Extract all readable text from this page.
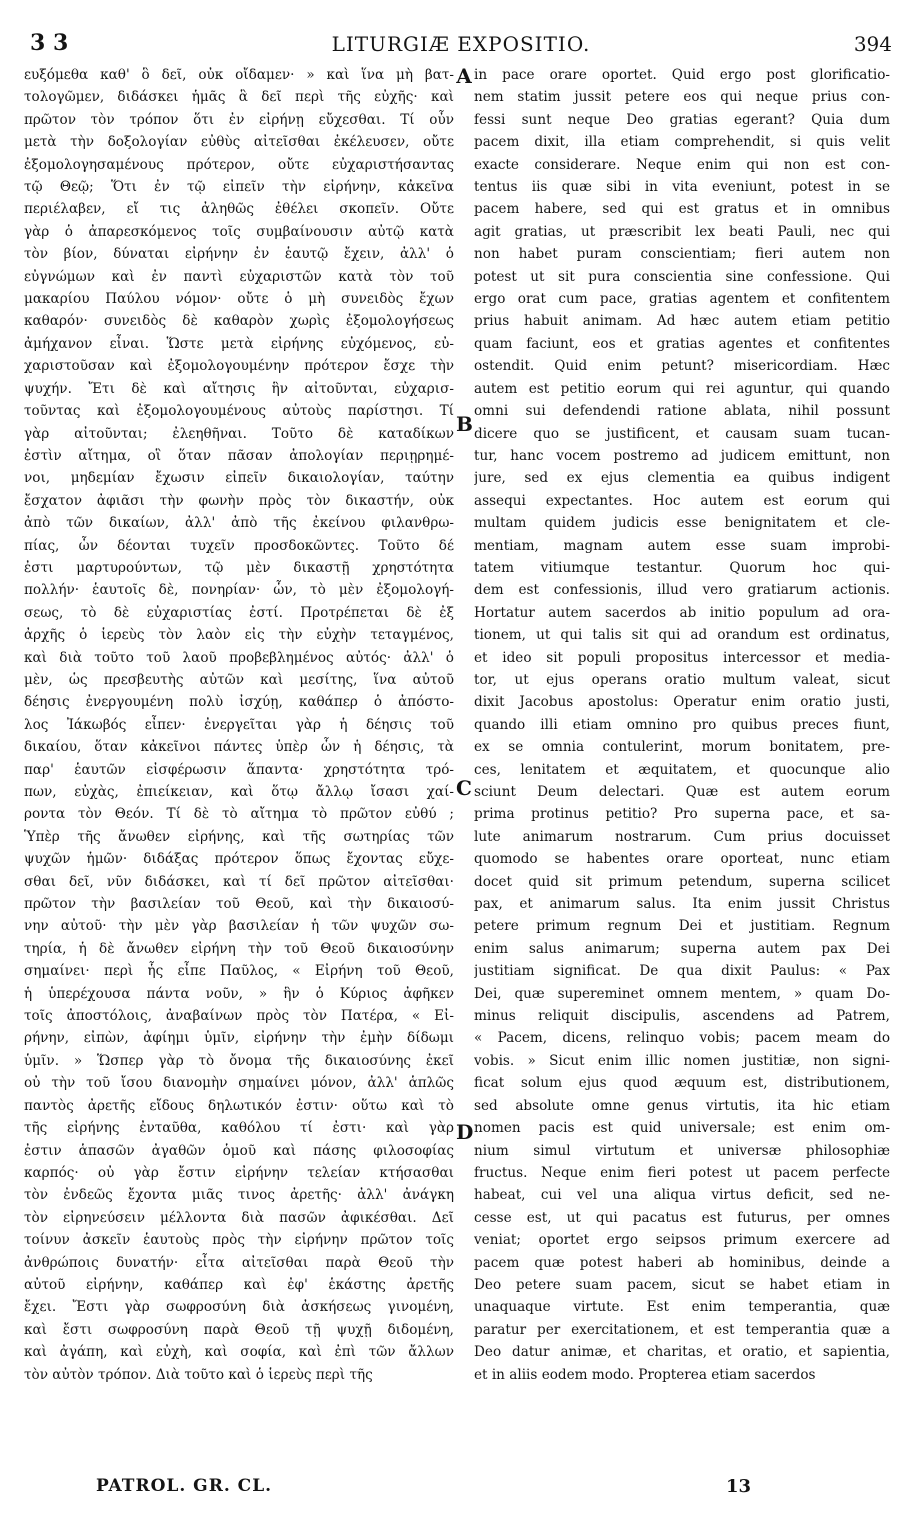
3 3	LITURGIÆ EXPOSITIO.	394
ευξόμεθα καθ' ὃ δεῖ, οὐκ οἴδαμεν· » καὶ ἵνα μὴ βατ-
τολογῶμεν, διδάσκει ἡμᾶς ἃ δεῖ περὶ τῆς εὐχῆς· καὶ
πρῶτον τὸν τρόπον ὅτι ἐν εἰρήνῃ εὔχεσθαι. Τί οὖν
μετὰ τὴν δοξολογίαν εὐθὺς αἰτεῖσθαι ἐκέλευσεν, οὔτε
ἐξομολογησαμένους πρότερον, οὔτε εὐχαριστήσαντας
τῷ Θεῷ; Ὅτι ἐν τῷ εἰπεῖν τὴν εἰρήνην, κἀκεῖνα
περιέλαβεν, εἴ τις ἀληθῶς ἐθέλει σκοπεῖν. Οὔτε
γὰρ ὁ ἀπαρεσκόμενος τοῖς συμβαίνουσιν αὐτῷ κατὰ
τὸν βίον, δύναται εἰρήνην ἐν ἑαυτῷ ἔχειν, ἀλλ' ὁ
εὐγνώμων καὶ ἐν παντὶ εὐχαριστῶν κατὰ τὸν τοῦ
μακαρίου Παύλου νόμον· οὔτε ὁ μὴ συνειδὸς ἔχων
καθαρόν· συνειδὸς δὲ καθαρὸν χωρὶς ἐξομολογήσεως
ἀμήχανον εἶναι. Ὥστε μετὰ εἰρήνης εὐχόμενος, εὐ-
χαριστοῦσαν καὶ ἐξομολογουμένην πρότερον ἔσχε τὴν
ψυχήν. Ἔτι δὲ καὶ αἴτησις ἣν αἰτοῦνται, εὐχαρισ-
τοῦντας καὶ ἐξομολογουμένους αὐτοὺς παρίστησι. Τί
γὰρ αἰτοῦνται; ἐλεηθῆναι. Τοῦτο δὲ καταδίκων
ἐστὶν αἴτημα, οἳ ὅταν πᾶσαν ἀπολογίαν περιῃρημέ-
νοι, μηδεμίαν ἔχωσιν εἰπεῖν δικαιολογίαν, ταύτην
ἔσχατον ἀφιᾶσι τὴν φωνὴν πρὸς τὸν δικαστήν, οὐκ
ἀπὸ τῶν δικαίων, ἀλλ' ἀπὸ τῆς ἐκείνου φιλανθρω-
πίας, ὧν δέονται τυχεῖν προσδοκῶντες. Τοῦτο δέ
ἐστι μαρτυρούντων, τῷ μὲν δικαστῇ χρηστότητα
πολλήν· ἑαυτοῖς δὲ, πονηρίαν· ὧν, τὸ μὲν ἐξομολογή-
σεως, τὸ δὲ εὐχαριστίας ἐστί. Προτρέπεται δὲ ἐξ
ἀρχῆς ὁ ἱερεὺς τὸν λαὸν εἰς τὴν εὐχὴν τεταγμένος,
καὶ διὰ τοῦτο τοῦ λαοῦ προβεβλημένος αὐτός· ἀλλ' ὁ
μὲν, ὡς πρεσβευτὴς αὐτῶν καὶ μεσίτης, ἵνα αὐτοῦ
δέησις ἐνεργουμένη πολὺ ἰσχύῃ, καθάπερ ὁ ἀπόστο-
λος Ἰάκωβός εἶπεν· ἐνεργεῖται γὰρ ἡ δέησις τοῦ
δικαίου, ὅταν κἀκεῖνοι πάντες ὑπὲρ ὧν ἡ δέησις, τὰ
παρ' ἑαυτῶν εἰσφέρωσιν ἅπαντα· χρηστότητα τρό-
πων, εὐχὰς, ἐπιείκειαν, καὶ ὅτῳ ἄλλῳ ἴσασι χαί-
ροντα τὸν Θεόν. Τί δὲ τὸ αἴτημα τὸ πρῶτον εὐθύ ;
Ὑπὲρ τῆς ἄνωθεν εἰρήνης, καὶ τῆς σωτηρίας τῶν
ψυχῶν ἡμῶν· διδάξας πρότερον ὅπως ἔχοντας εὔχε-
σθαι δεῖ, νῦν διδάσκει, καὶ τί δεῖ πρῶτον αἰτεῖσθαι·
πρῶτον τὴν βασιλείαν τοῦ Θεοῦ, καὶ τὴν δικαιοσύ-
νην αὐτοῦ· τὴν μὲν γὰρ βασιλείαν ἡ τῶν ψυχῶν σω-
τηρία, ἡ δὲ ἄνωθεν εἰρήνη τὴν τοῦ Θεοῦ δικαιοσύνην
σημαίνει· περὶ ἧς εἶπε Παῦλος, « Εἰρήνη τοῦ Θεοῦ,
ἡ ὑπερέχουσα πάντα νοῦν, » ἣν ὁ Κύριος ἀφῆκεν
τοῖς ἀποστόλοις, ἀναβαίνων πρὸς τὸν Πατέρα, « Εἰ-
ρήνην, εἰπὼν, ἀφίημι ὑμῖν, εἰρήνην τὴν ἐμὴν δίδωμι
ὑμῖν. » Ὥσπερ γὰρ τὸ ὄνομα τῆς δικαιοσύνης ἐκεῖ
οὐ τὴν τοῦ ἴσου διανομὴν σημαίνει μόνον, ἀλλ' ἁπλῶς
παντὸς ἀρετῆς εἴδους δηλωτικόν ἐστιν· οὕτω καὶ τὸ
τῆς εἰρήνης ἐνταῦθα, καθόλου τί ἐστι· καὶ γὰρ
ἐστιν ἁπασῶν ἀγαθῶν ὁμοῦ καὶ πάσης φιλοσοφίας
καρπός· οὐ γὰρ ἔστιν εἰρήνην τελείαν κτήσασθαι
τὸν ἐνδεῶς ἔχοντα μιᾶς τινος ἀρετῆς· ἀλλ' ἀνάγκη
τὸν εἰρηνεύσειν μέλλοντα διὰ πασῶν ἀφικέσθαι. Δεῖ
τοίνυν ἀσκεῖν ἑαυτοὺς πρὸς τὴν εἰρήνην πρῶτον τοῖς
ἀνθρώποις δυνατήν· εἶτα αἰτεῖσθαι παρὰ Θεοῦ τὴν
αὐτοῦ εἰρήνην, καθάπερ καὶ ἐφ' ἑκάστης ἀρετῆς
ἔχει. Ἔστι γὰρ σωφροσύνη διὰ ἀσκήσεως γινομένη,
καὶ ἔστι σωφροσύνη παρὰ Θεοῦ τῇ ψυχῇ διδομένη,
καὶ ἀγάπη, καὶ εὐχὴ, καὶ σοφία, καὶ ἐπὶ τῶν ἄλλων
τὸν αὐτὸν τρόπον. Διὰ τοῦτο καὶ ὁ ἱερεὺς περὶ τῆς
A
B
C
D
in pace orare oportet. Quid ergo post glorificatio-
nem statim jussit petere eos qui neque prius con-
fessi sunt neque Deo gratias egerant? Quia dum
pacem dixit, illa etiam comprehendit, si quis velit
exacte considerare. Neque enim qui non est con-
tentus iis quæ sibi in vita eveniunt, potest in se
pacem habere, sed qui est gratus et in omnibus
agit gratias, ut præscribit lex beati Pauli, nec qui
non habet puram conscientiam; fieri autem non
potest ut sit pura conscientia sine confessione. Qui
ergo orat cum pace, gratias agentem et confitentem
prius habuit animam. Ad hæc autem etiam petitio
quam faciunt, eos et gratias agentes et confitentes
ostendit. Quid enim petunt? misericordiam. Hæc
autem est petitio eorum qui rei aguntur, qui quando
omni sui defendendi ratione ablata, nihil possunt
dicere quo se justificent, et causam suam tucan-
tur, hanc vocem postremo ad judicem emittunt, non
jure, sed ex ejus clementia ea quibus indigent
assequi expectantes. Hoc autem est eorum qui
multam quidem judicis esse benignitatem et cle-
mentiam, magnam autem esse suam improbi-
tatem vitiumque testantur. Quorum hoc qui-
dem est confessionis, illud vero gratiarum actionis.
Hortatur autem sacerdos ab initio populum ad ora-
tionem, ut qui talis sit qui ad orandum est ordinatus,
et ideo sit populi propositus intercessor et media-
tor, ut ejus operans oratio multum valeat, sicut
dixit Jacobus apostolus: Operatur enim oratio justi,
quando illi etiam omnino pro quibus preces fiunt,
ex se omnia contulerint, morum bonitatem, pre-
ces, lenitatem et æquitatem, et quocunque alio
sciunt Deum delectari. Quæ est autem eorum
prima protinus petitio? Pro superna pace, et sa-
lute animarum nostrarum. Cum prius docuisset
quomodo se habentes orare oporteat, nunc etiam
docet quid sit primum petendum, superna scilicet
pax, et animarum salus. Ita enim jussit Christus
petere primum regnum Dei et justitiam. Regnum
enim salus animarum; superna autem pax Dei
justitiam significat. De qua dixit Paulus: « Pax
Dei, quæ supereminet omnem mentem, » quam Do-
minus reliquit discipulis, ascendens ad Patrem,
« Pacem, dicens, relinquo vobis; pacem meam do
vobis. » Sicut enim illic nomen justitiæ, non signi-
ficat solum ejus quod æquum est, distributionem,
sed absolute omne genus virtutis, ita hic etiam
nomen pacis est quid universale; est enim om-
nium simul virtutum et universæ philosophiæ
fructus. Neque enim fieri potest ut pacem perfecte
habeat, cui vel una aliqua virtus deficit, sed ne-
cesse est, ut qui pacatus est futurus, per omnes
veniat; oportet ergo seipsos primum exercere ad
pacem quæ potest haberi ab hominibus, deinde a
Deo petere suam pacem, sicut se habet etiam in
unaquaque virtute. Est enim temperantia, quæ
paratur per exercitationem, et est temperantia quæ a
Deo datur animæ, et charitas, et oratio, et sapientia,
et in aliis eodem modo. Propterea etiam sacerdos
PATROL. GR. CL.	13
